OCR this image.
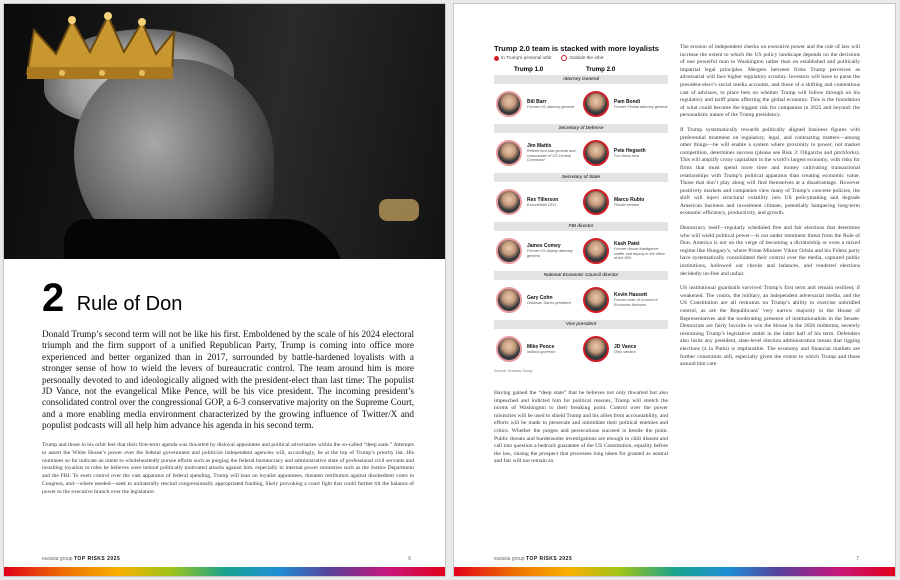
2 Rule of Don
Donald Trump’s second term will not be like his first. Emboldened by the scale of his 2024 electoral triumph and the firm support of a unified Republican Party, Trump is coming into office more experienced and better organized than in 2017, surrounded by battle-hardened loyalists with a stronger sense of how to wield the levers of bureaucratic control. The team around him is more personally devoted to and ideologically aligned with the president-elect than last time: The populist JD Vance, not the evangelical Mike Pence, will be his vice president. The incoming president’s consolidated control over the congressional GOP, a 6-3 conservative majority on the Supreme Court, and a more enabling media environment characterized by the growing influence of Twitter/X and populist podcasts will all help him advance his agenda in his second term.
Trump and those in his orbit feel that their first-term agenda was thwarted by disloyal appointees and political adversaries within the so-called “deep state.” Attempts to assert the White House’s power over the federal government and politicize independent agencies will, accordingly, be at the top of Trump’s priority list. His nominees so far indicate an intent to wholeheartedly pursue efforts such as purging the federal bureaucracy and administrative state of professional civil servants and installing loyalists in roles he believes were behind politically motivated attacks against him, especially in internal power ministries such as the Justice Department and the FBI. To exert control over the vast apparatus of federal spending, Trump will lean on loyalist appointees, threaten retribution against disobedient votes in Congress, and—where needed—seek to unilaterally rescind congressionally appropriated funding, likely provoking a court fight that could further tilt the balance of power to the executive branch over the legislature.
eurasia group TOP RISKS 2025	6
Trump 2.0 team is stacked with more loyalists
In Trump's personal orbit	Outside the orbit
Trump 1.0	Trump 2.0
Attorney General
Bill Barr
Former US attorney general
Pam Bondi
Former Florida attorney general
Secretary of Defense
Jim Mattis
Retired four-star general and commander of US Central Command
Pete Hegseth
Fox News host
Secretary of State
Rex Tillerson
ExxonMobil CEO
Marco Rubio
Florida senator
FBI director
James Comey
Former US deputy attorney general
Kash Patel
Former House Intelligence staffer and deputy in the office of the DNI
National Economic Council director
Gary Cohn
Goldman Sachs president
Kevin Hassett
Former chair of Council of Economic Advisers
Vice president
Mike Pence
Indiana governor
JD Vance
Ohio senator
Source: Eurasia Group

Having gained the “deep state” that he believes not only thwarted but also impeached and indicted him for political reasons, Trump will stretch the norms of Washington to their breaking point. Control over the power ministries will be used to shield Trump and his allies from accountability, and efforts will be made to persecute and intimidate their political enemies and critics. Whether the purges and persecutions succeed is beside the point. Public threats and burdensome investigations are enough to chill dissent and call into question a bedrock guarantee of the US Constitution, equality before the law, raising the prospect that processes long taken for granted as neutral and fair will not remain so.

The erosion of independent checks on executive power and the rule of law will increase the extent to which the US policy landscape depends on the decisions of one powerful man in Washington rather than on established and politically impartial legal principles. Mergers between firms Trump perceives as adversarial will face higher regulatory scrutiny. Investors will have to parse the president-elect’s social media accounts, and those of a shifting and contentious cast of advisors, to place bets on whether Trump will follow through on his regulatory and tariff plans affecting the global economy. This is the foundation of what could become the biggest risk for companies in 2025 and beyond: the personalistic nature of the Trump presidency.

If Trump systematically rewards politically aligned business figures with preferential treatment on regulatory, legal, and contracting matters—among other things—he will enable a system where proximity to power, not market competition, determines success (please see Risk 3: Oligarchs and pitchforks). This will amplify crony capitalism in the world’s largest economy, with risks for firms that must spend more time and money cultivating transactional relationships with Trump’s political apparatus than creating economic value. Those that don’t play along will find themselves at a disadvantage. However positively markets and companies view many of Trump’s concrete policies, the shift will inject structural volatility into US policymaking and degrade American business and investment climate, potentially hampering long-term economic efficiency, productivity, and growth.

Democracy itself—regularly scheduled free and fair elections that determine who will wield political power—is not under imminent threat from the Rule of Don. America is not on the verge of becoming a dictatorship or even a mixed regime like Hungary’s, where Prime Minister Viktor Orbán and his Fidesz party have systematically consolidated their control over the media, captured public institutions, hollowed out checks and balances, and rendered elections decidedly un-free and unfair.

US institutional guardrails survived Trump’s first term and remain resilient, if weakened. The courts, the military, an independent adversarial media, and the US Constitution are all restraints on Trump’s ability to exercise unbridled control, as are the Republicans’ very narrow majority in the House of Representatives and the moderating presence of institutionalists in the Senate. Democrats are fairly favorite to win the House in the 2026 midterms, severely restraining Trump’s legislative ambit in the latter half of his term. Defenders also insist any president, state-level election administration means that rigging elections (à la Putin) is implausible. The economy and financial markets are further constraints still, especially given the extent to which Trump and those around him care

eurasia group TOP RISKS 2025	7
